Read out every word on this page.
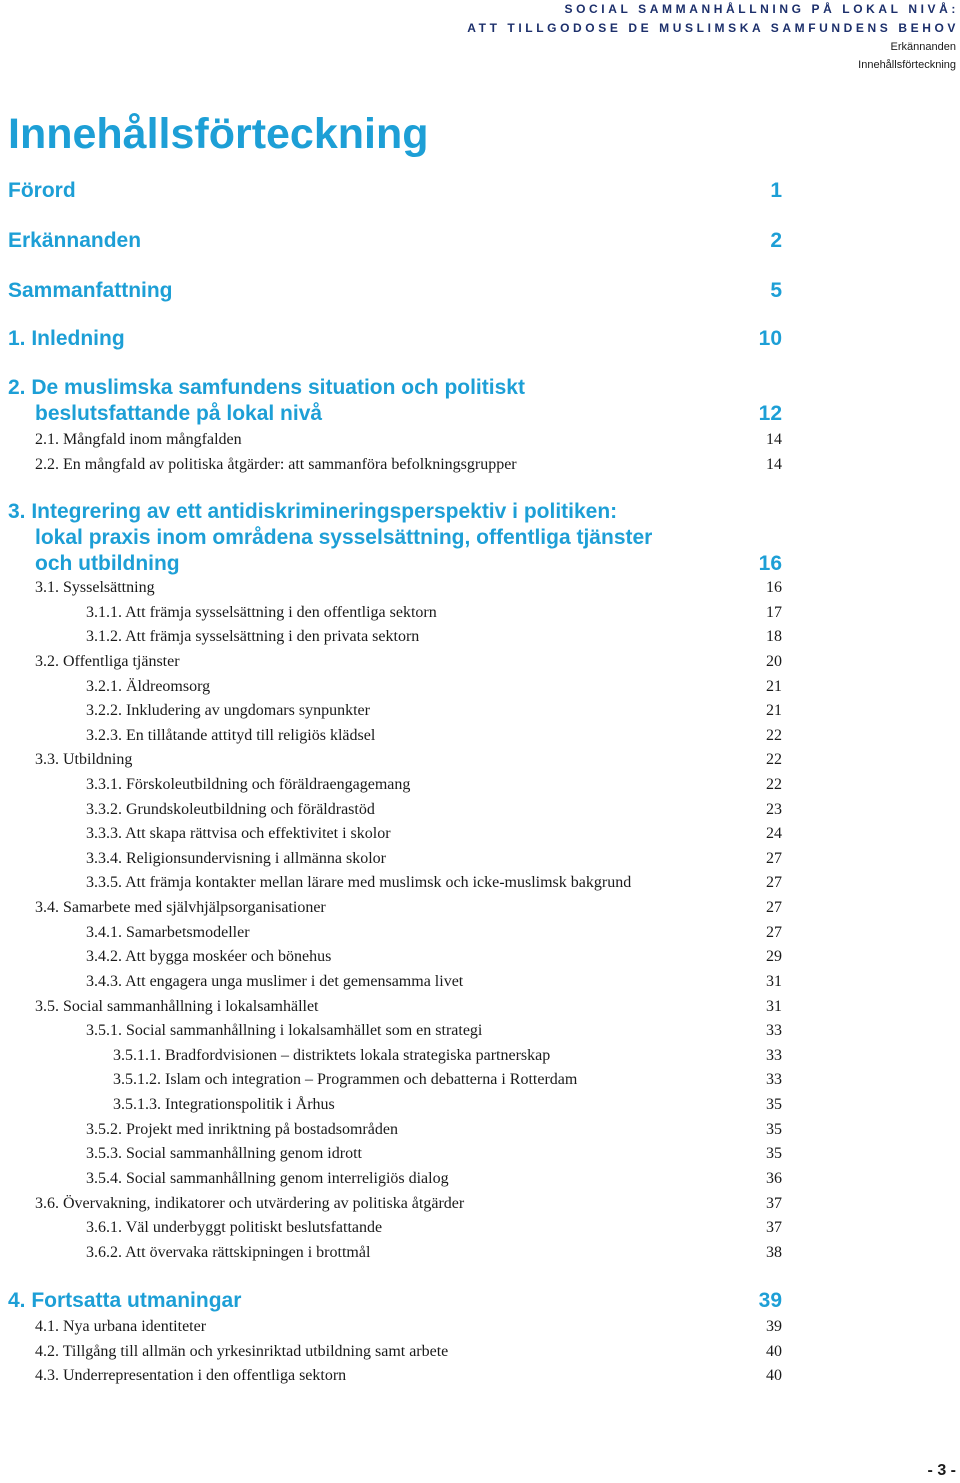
SOCIAL SAMMANHÅLLNING PÅ LOKAL NIVÅ:
ATT TILLGODOSE DE MUSLIMSKA SAMFUNDENS BEHOV
Erkännanden
Innehållsförteckning
Innehållsförteckning
Förord	1
Erkännanden	2
Sammanfattning	5
1. Inledning	10
2. De muslimska samfundens situation och politiskt
beslutsfattande på lokal nivå	12
2.1. Mångfald inom mångfalden	14
2.2. En mångfald av politiska åtgärder: att sammanföra befolkningsgrupper	14
3. Integrering av ett antidiskrimineringsperspektiv i politiken:
lokal praxis inom områdena sysselsättning, offentliga tjänster
och utbildning	16
3.1. Sysselsättning	16
3.1.1. Att främja sysselsättning i den offentliga sektorn	17
3.1.2. Att främja sysselsättning i den privata sektorn	18
3.2. Offentliga tjänster	20
3.2.1. Äldreomsorg	21
3.2.2. Inkludering av ungdomars synpunkter	21
3.2.3. En tillåtande attityd till religiös klädsel	22
3.3. Utbildning	22
3.3.1. Förskoleutbildning och föräldraengagemang	22
3.3.2. Grundskoleutbildning och föräldrastöd	23
3.3.3. Att skapa rättvisa och effektivitet i skolor	24
3.3.4. Religionsundervisning i allmänna skolor	27
3.3.5. Att främja kontakter mellan lärare med muslimsk och icke-muslimsk bakgrund	27
3.4. Samarbete med självhjälpsorganisationer	27
3.4.1. Samarbetsmodeller	27
3.4.2. Att bygga moskéer och bönehus	29
3.4.3. Att engagera unga muslimer i det gemensamma livet	31
3.5. Social sammanhållning i lokalsamhället	31
3.5.1. Social sammanhållning i lokalsamhället som en strategi	33
3.5.1.1. Bradfordvisionen – distriktets lokala strategiska partnerskap	33
3.5.1.2. Islam och integration – Programmen och debatterna i Rotterdam	33
3.5.1.3. Integrationspolitik i Århus	35
3.5.2. Projekt med inriktning på bostadsområden	35
3.5.3. Social sammanhållning genom idrott	35
3.5.4. Social sammanhållning genom interreligiös dialog	36
3.6. Övervakning, indikatorer och utvärdering av politiska åtgärder	37
3.6.1. Väl underbyggt politiskt beslutsfattande	37
3.6.2. Att övervaka rättskipningen i brottmål	38
4. Fortsatta utmaningar	39
4.1. Nya urbana identiteter	39
4.2. Tillgång till allmän och yrkesinriktad utbildning samt arbete	40
4.3. Underrepresentation i den offentliga sektorn	40
- 3 -
